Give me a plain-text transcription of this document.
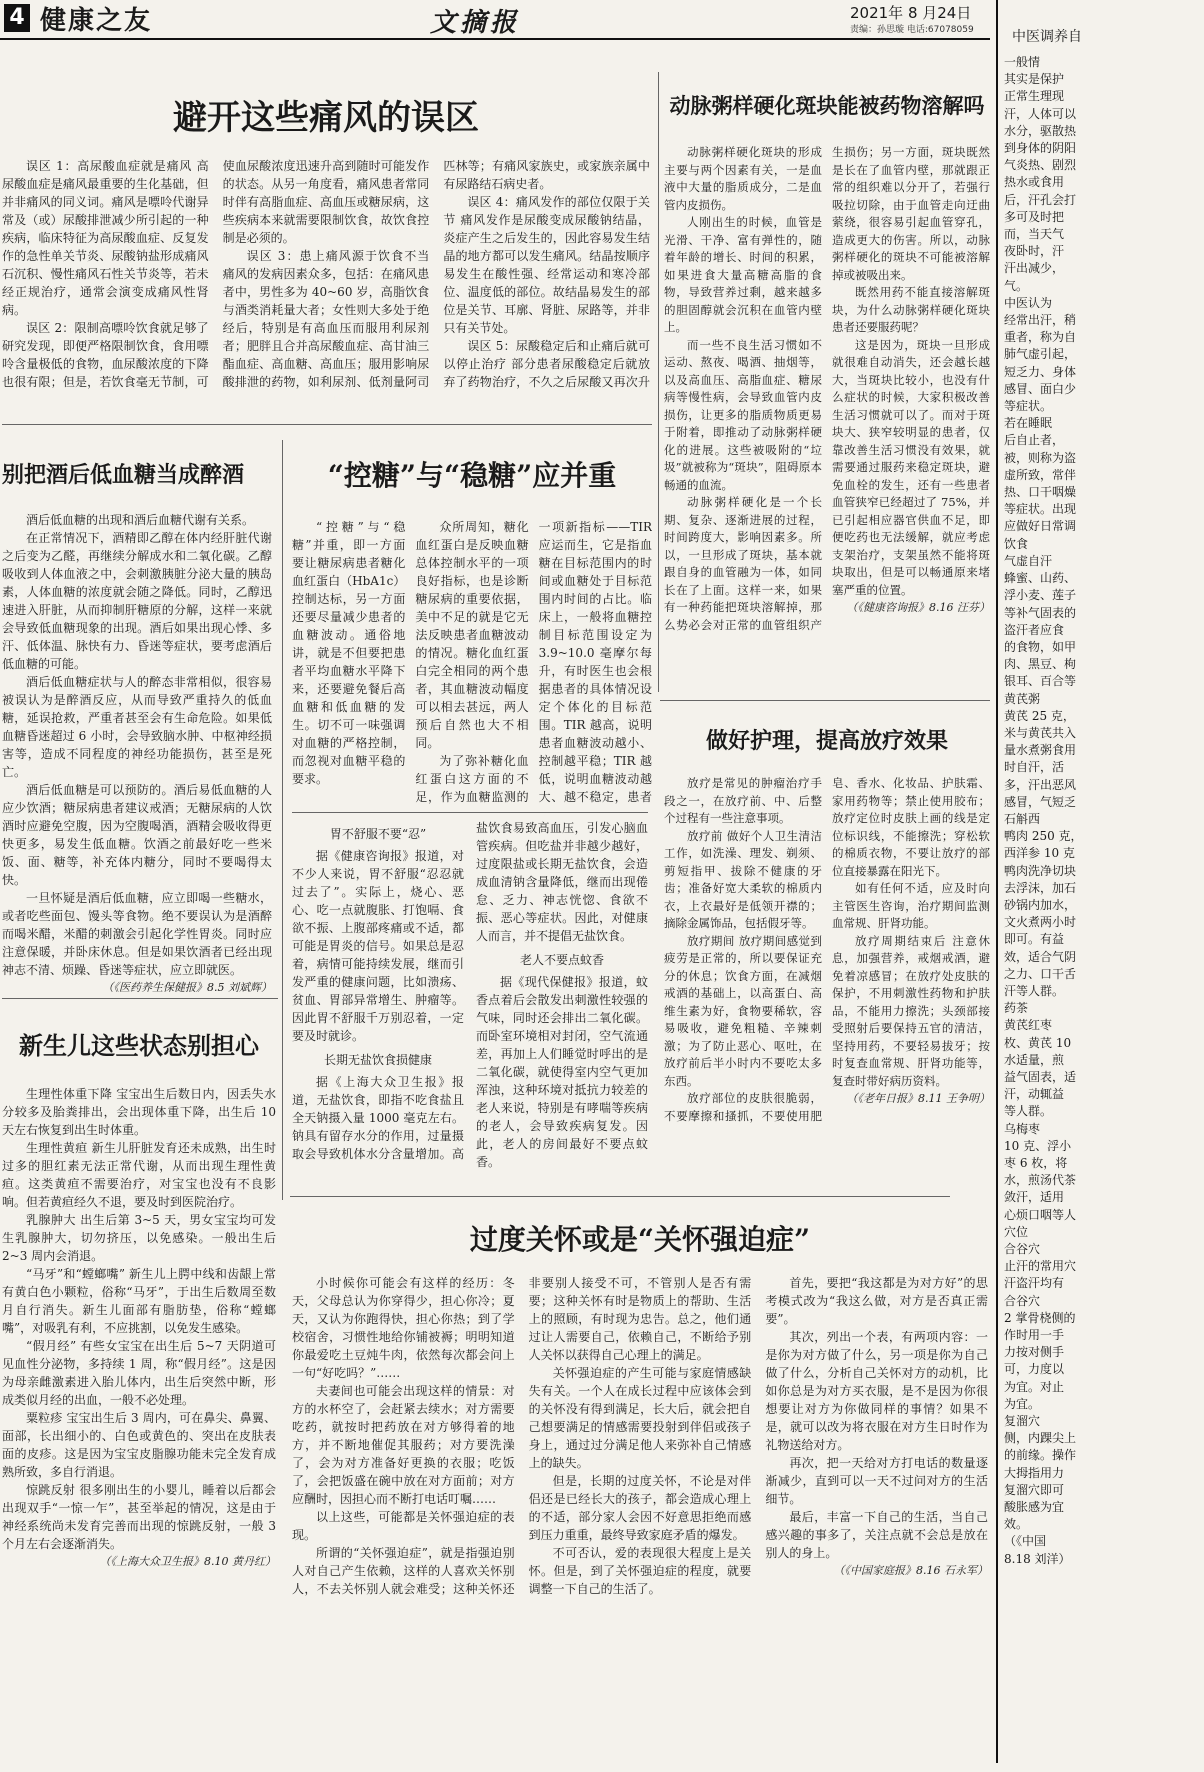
4 健康之友	文摘报	2021年 8 月24日
责编：孙思璇 电话:67078059
避开这些痛风的误区

误区 1：高尿酸血症就是痛风 高尿酸血症是痛风最重要的生化基础，但并非痛风的同义词。痛风是嘌呤代谢异常及（或）尿酸排泄减少所引起的一种疾病，临床特征为高尿酸血症、反复发作的急性单关节炎、尿酸钠盐形成痛风石沉积、慢性痛风石性关节炎等，若未经正规治疗，通常会演变成痛风性肾病。

误区 2：限制高嘌呤饮食就足够了 研究发现，即便严格限制饮食，食用嘌呤含量极低的食物，血尿酸浓度的下降也很有限；但是，若饮食毫无节制，可使血尿酸浓度迅速升高到随时可能发作的状态。从另一角度看，痛风患者常同时伴有高脂血症、高血压或糖尿病，这些疾病本来就需要限制饮食，故饮食控制是必须的。

误区 3：患上痛风源于饮食不当 痛风的发病因素众多，包括：在痛风患者中，男性多为 40~60 岁，高脂饮食与酒类消耗量大者；女性则大多处于绝经后，特别是有高血压而服用利尿剂者；肥胖且合并高尿酸血症、高甘油三酯血症、高血糖、高血压；服用影响尿酸排泄的药物，如利尿剂、低剂量阿司匹林等；有痛风家族史，或家族亲属中有尿路结石病史者。

误区 4：痛风发作的部位仅限于关节 痛风发作是尿酸变成尿酸钠结晶，炎症产生之后发生的，因此容易发生结晶的地方都可以发生痛风。结晶按顺序易发生在酸性强、经常运动和寒冷部位、温度低的部位。故结晶易发生的部位是关节、耳廓、肾脏、尿路等，并非只有关节处。

误区 5：尿酸稳定后和止痛后就可以停止治疗 部分患者尿酸稳定后就放弃了药物治疗，不久之后尿酸又再次升

动脉粥样硬化斑块能被药物溶解吗

动脉粥样硬化斑块的形成主要与两个因素有关，一是血液中大量的脂质成分，二是血管内皮损伤。

人刚出生的时候，血管是光滑、干净、富有弹性的，随着年龄的增长、时间的积累，如果进食大量高糖高脂的食物，导致营养过剩，越来越多的胆固醇就会沉积在血管内壁上。

而一些不良生活习惯如不运动、熬夜、喝酒、抽烟等，以及高血压、高脂血症、糖尿病等慢性病，会导致血管内皮损伤，让更多的脂质物质更易于附着，即推动了动脉粥样硬化的进展。这些被吸附的“垃圾”就被称为“斑块”，阻碍原本畅通的血流。

动脉粥样硬化是一个长期、复杂、逐渐进展的过程，时间跨度大，影响因素多。所以，一旦形成了斑块，基本就跟自身的血管融为一体，如同长在了上面。这样一来，如果有一种药能把斑块溶解掉，那么势必会对正常的血管组织产生损伤；另一方面，斑块既然是长在了血管内壁，那就跟正常的组织难以分开了，若强行吸拉切除，由于血管走向迂曲萦绕，很容易引起血管穿孔，造成更大的伤害。所以，动脉粥样硬化的斑块不可能被溶解掉或被吸出来。

既然用药不能直接溶解斑块，为什么动脉粥样硬化斑块患者还要服药呢？

这是因为，斑块一旦形成就很难自动消失，还会越长越大，当斑块比较小，也没有什么症状的时候，大家积极改善生活习惯就可以了。而对于斑块大、狭窄较明显的患者，仅靠改善生活习惯没有效果，就需要通过服药来稳定斑块，避免血栓的发生，还有一些患者血管狭窄已经超过了 75%，并已引起相应器官供血不足，即便吃药也无法缓解，就应考虑支架治疗，支架虽然不能将斑块取出，但是可以畅通原来堵塞严重的位置。

（《健康咨询报》8.16 汪芬）
别把酒后低血糖当成醉酒

酒后低血糖的出现和酒后血糖代谢有关系。

在正常情况下，酒精即乙醇在体内经肝脏代谢之后变为乙醛，再继续分解成水和二氧化碳。乙醇吸收到人体血液之中，会刺激胰脏分泌大量的胰岛素，人体血糖的浓度就会随之降低。同时，乙醇迅速进入肝脏，从而抑制肝糖原的分解，这样一来就会导致低血糖现象的出现。酒后如果出现心悸、多汗、低体温、脉快有力、昏迷等症状，要考虑酒后低血糖的可能。

酒后低血糖症状与人的醉态非常相似，很容易被误认为是醉酒反应，从而导致严重持久的低血糖，延误抢救，严重者甚至会有生命危险。如果低血糖昏迷超过 6 小时，会导致脑水肿、中枢神经损害等，造成不同程度的神经功能损伤，甚至是死亡。

酒后低血糖是可以预防的。酒后易低血糖的人应少饮酒；糖尿病患者建议戒酒；无糖尿病的人饮酒时应避免空腹，因为空腹喝酒，酒精会吸收得更快更多，易发生低血糖。饮酒之前最好吃一些米饭、面、糖等，补充体内糖分，同时不要喝得太快。

一旦怀疑是酒后低血糖，应立即喝一些糖水，或者吃些面包、馒头等食物。绝不要误认为是酒醉而喝米醋，米醋的刺激会引起化学性胃炎。同时应注意保暖，并卧床休息。但是如果饮酒者已经出现神志不清、烦躁、昏迷等症状，应立即就医。

（《医药养生保健报》8.5 刘斌辉）
“控糖”与“稳糖”应并重

“控糖”与“稳糖”并重，即一方面要让糖尿病患者糖化血红蛋白（HbA1c）控制达标，另一方面还要尽量减少患者的血糖波动。通俗地讲，就是不但要把患者平均血糖水平降下来，还要避免餐后高血糖和低血糖的发生。切不可一味强调对血糖的严格控制，而忽视对血糖平稳的要求。

众所周知，糖化血红蛋白是反映血糖总体控制水平的一项良好指标，也是诊断糖尿病的重要依据，美中不足的就是它无法反映患者血糖波动的情况。糖化血红蛋白完全相同的两个患者，其血糖波动幅度可以相去甚远，两人预后自然也大不相同。

为了弥补糖化血红蛋白这方面的不足，作为血糖监测的一项新指标——TIR 应运而生，它是指血糖在目标范围内的时间或血糖处于目标范围内时间的占比。临床上，一般将血糖控制目标范围设定为 3.9~10.0 毫摩尔每升，有时医生也会根据患者的具体情况设定个体化的目标范围。TIR 越高，说明患者血糖波动越小、控制越平稳；TIR 越低，说明血糖波动越大、越不稳定，患者

做好护理，提高放疗效果

放疗是常见的肿瘤治疗手段之一，在放疗前、中、后整个过程有一些注意事项。

放疗前 做好个人卫生清洁工作，如洗澡、理发、剃须、剪短指甲、拔除不健康的牙齿；准备好宽大柔软的棉质内衣，上衣最好是低领开襟的；摘除金属饰品，包括假牙等。

放疗期间 放疗期间感觉到疲劳是正常的，所以要保证充分的休息；饮食方面，在减烟戒酒的基础上，以高蛋白、高维生素为好，食物要稀软，容易吸收，避免粗糙、辛辣刺激；为了防止恶心、呕吐，在放疗前后半小时内不要吃太多东西。

放疗部位的皮肤很脆弱，不要摩擦和搔抓，不要使用肥皂、香水、化妆品、护肤霜、家用药物等；禁止使用胶布；放疗定位时皮肤上画的线是定位标识线，不能擦洗；穿松软的棉质衣物，不要让放疗的部位直接暴露在阳光下。

如有任何不适，应及时向主管医生咨询，治疗期间监测血常规、肝肾功能。

放疗周期结束后 注意休息，加强营养，戒烟戒酒，避免着凉感冒；在放疗处皮肤的保护，不用刺激性药物和护肤品，不能用力擦洗；头颈部接受照射后要保持五官的清洁，坚持用药，不要轻易拔牙；按时复查血常规、肝肾功能等，复查时带好病历资料。

（《老年日报》8.11 王争明）
胃不舒服不要“忍”

据《健康咨询报》报道，对不少人来说，胃不舒服“忍忍就过去了”。实际上，烧心、恶心、吃一点就腹胀、打饱嗝、食欲不振、上腹部疼痛或不适，都可能是胃炎的信号。如果总是忍着，病情可能持续发展，继而引发严重的健康问题，比如溃疡、贫血、胃部异常增生、肿瘤等。因此胃不舒服千万别忍着，一定要及时就诊。

长期无盐饮食损健康

据《上海大众卫生报》报道，无盐饮食，即指不吃食盐且全天钠摄入量 1000 毫克左右。钠具有留存水分的作用，过量摄取会导致机体水分含量增加。高盐饮食易致高血压，引发心脑血管疾病。但吃盐并非越少越好，过度限盐或长期无盐饮食，会造成血清钠含量降低，继而出现倦怠、乏力、神志恍惚、食欲不振、恶心等症状。因此，对健康人而言，并不提倡无盐饮食。

老人不要点蚊香

据《现代保健报》报道，蚊香点着后会散发出刺激性较强的气味，同时还会排出二氧化碳。而卧室环境相对封闭，空气流通差，再加上人们睡觉时呼出的是二氧化碳，就使得室内空气更加浑浊，这种环境对抵抗力较差的老人来说，特别是有哮喘等疾病的老人，会导致疾病复发。因此，老人的房间最好不要点蚊香。

新生儿这些状态别担心

生理性体重下降 宝宝出生后数日内，因丢失水分较多及胎粪排出，会出现体重下降，出生后 10 天左右恢复到出生时体重。

生理性黄疸 新生儿肝脏发育还未成熟，出生时过多的胆红素无法正常代谢，从而出现生理性黄疸。这类黄疸不需要治疗，对宝宝也没有不良影响。但若黄疸经久不退，要及时到医院治疗。

乳腺肿大 出生后第 3~5 天，男女宝宝均可发生乳腺肿大，切勿挤压，以免感染。一般出生后 2~3 周内会消退。

“马牙”和“螳螂嘴” 新生儿上腭中线和齿龈上常有黄白色小颗粒，俗称“马牙”，于出生后数周至数月自行消失。新生儿面部有脂肪垫，俗称“螳螂嘴”，对吸乳有利，不应挑割，以免发生感染。

“假月经” 有些女宝宝在出生后 5~7 天阴道可见血性分泌物，多持续 1 周，称“假月经”。这是因为母亲雌激素进入胎儿体内，出生后突然中断，形成类似月经的出血，一般不必处理。

粟粒疹 宝宝出生后 3 周内，可在鼻尖、鼻翼、面部，长出细小的、白色或黄色的、突出在皮肤表面的皮疹。这是因为宝宝皮脂腺功能未完全发育成熟所致，多自行消退。

惊跳反射 很多刚出生的小婴儿，睡着以后都会出现双手“一惊一乍”，甚至举起的情况，这是由于神经系统尚未发育完善而出现的惊跳反射，一般 3 个月左右会逐渐消失。

（《上海大众卫生报》8.10 黄丹红）
过度关怀或是“关怀强迫症”

小时候你可能会有这样的经历：冬天，父母总认为你穿得少，担心你冷；夏天，又认为你跑得快，担心你热；到了学校宿舍，习惯性地给你铺被褥；明明知道你最爱吃土豆炖牛肉，依然每次都会问上一句“好吃吗？”……

夫妻间也可能会出现这样的情景：对方的水杯空了，会赶紧去续水；对方需要吃药，就按时把药放在对方够得着的地方，并不断地催促其服药；对方要洗澡了，会为对方准备好更换的衣服；吃饭了，会把饭盛在碗中放在对方面前；对方应酬时，因担心而不断打电话叮嘱……

以上这些，可能都是关怀强迫症的表现。

所谓的“关怀强迫症”，就是指强迫别人对自己产生依赖，这样的人喜欢关怀别人，不去关怀别人就会难受；这种关怀还非要别人接受不可，不管别人是否有需要；这种关怀有时是物质上的帮助、生活上的照顾，有时现为忠告。总之，他们通过让人需要自己，依赖自己，不断给予别人关怀以获得自己心理上的满足。

关怀强迫症的产生可能与家庭情感缺失有关。一个人在成长过程中应该体会到的关怀没有得到满足，长大后，就会把自己想要满足的情感需要投射到伴侣或孩子身上，通过过分满足他人来弥补自己情感上的缺失。

但是，长期的过度关怀，不论是对伴侣还是已经长大的孩子，都会造成心理上的不适，部分家人会因不好意思拒绝而感到压力重重，最终导致家庭矛盾的爆发。

不可否认，爱的表现很大程度上是关怀。但是，到了关怀强迫症的程度，就要调整一下自己的生活了。

首先，要把“我这都是为对方好”的思考模式改为“我这么做，对方是否真正需要”。

其次，列出一个表，有两项内容：一是你为对方做了什么，另一项是你为自己做了什么，分析自己关怀对方的动机，比如你总是为对方买衣服，是不是因为你很想要让对方为你做同样的事情？如果不是，就可以改为将衣服在对方生日时作为礼物送给对方。

再次，把一天给对方打电话的数量逐渐减少，直到可以一天不过问对方的生活细节。

最后，丰富一下自己的生活，当自己感兴趣的事多了，关注点就不会总是放在别人的身上。

（《中国家庭报》8.16 石永军）
中医调养自
一般情
其实是保护
正常生理现
汗，人体可以
水分，驱散热
到身体的阴阳
气炎热、剧烈
热水或食用
后，汗孔会打
多可及时把
而，当天气
夜卧时，汗
汗出减少，
气。
中医认为
经常出汗，稍
重者，称为自
肺气虚引起，
短乏力、身体
感冒、面白少
等症状。
若在睡眠
后自止者，
被，则称为盗
虚所致，常伴
热、口干咽燥
等症状。出现
应做好日常调
饮食
气虚自汗
蜂蜜、山药、
浮小麦、莲子
等补气固表的
盗汗者应食
的食物，如甲
肉、黑豆、枸
银耳、百合等
黄芪粥
黄芪 25 克，
米与黄芪共入
量水煮粥食用
时自汗，活
多，汗出恶风
感冒，气短乏
石斛西
鸭肉 250 克，
西洋参 10 克
鸭肉洗净切块
去浮沫，加石
砂锅内加水，
文火煮两小时
即可。有益
效，适合气阴
之力、口干舌
汗等人群。
药茶
黄芪红枣
枚、黄芪 10
水适量，煎
益气固表，适
汗，动辄益
等人群。
乌梅枣
10 克、浮小
枣 6 枚，将
水，煎汤代茶
敛汗，适用
心烦口咽等人
穴位
合谷穴
止汗的常用穴
汗盗汗均有
合谷穴
2 掌骨桡侧的
作时用一手
力按对侧手
可，力度以
为宜。对止
为宜。
复溜穴
侧，内踝尖上
的前缘。操作
大拇指用力
复溜穴即可
酸胀感为宜
效。
（《中国
8.18 刘洋）
